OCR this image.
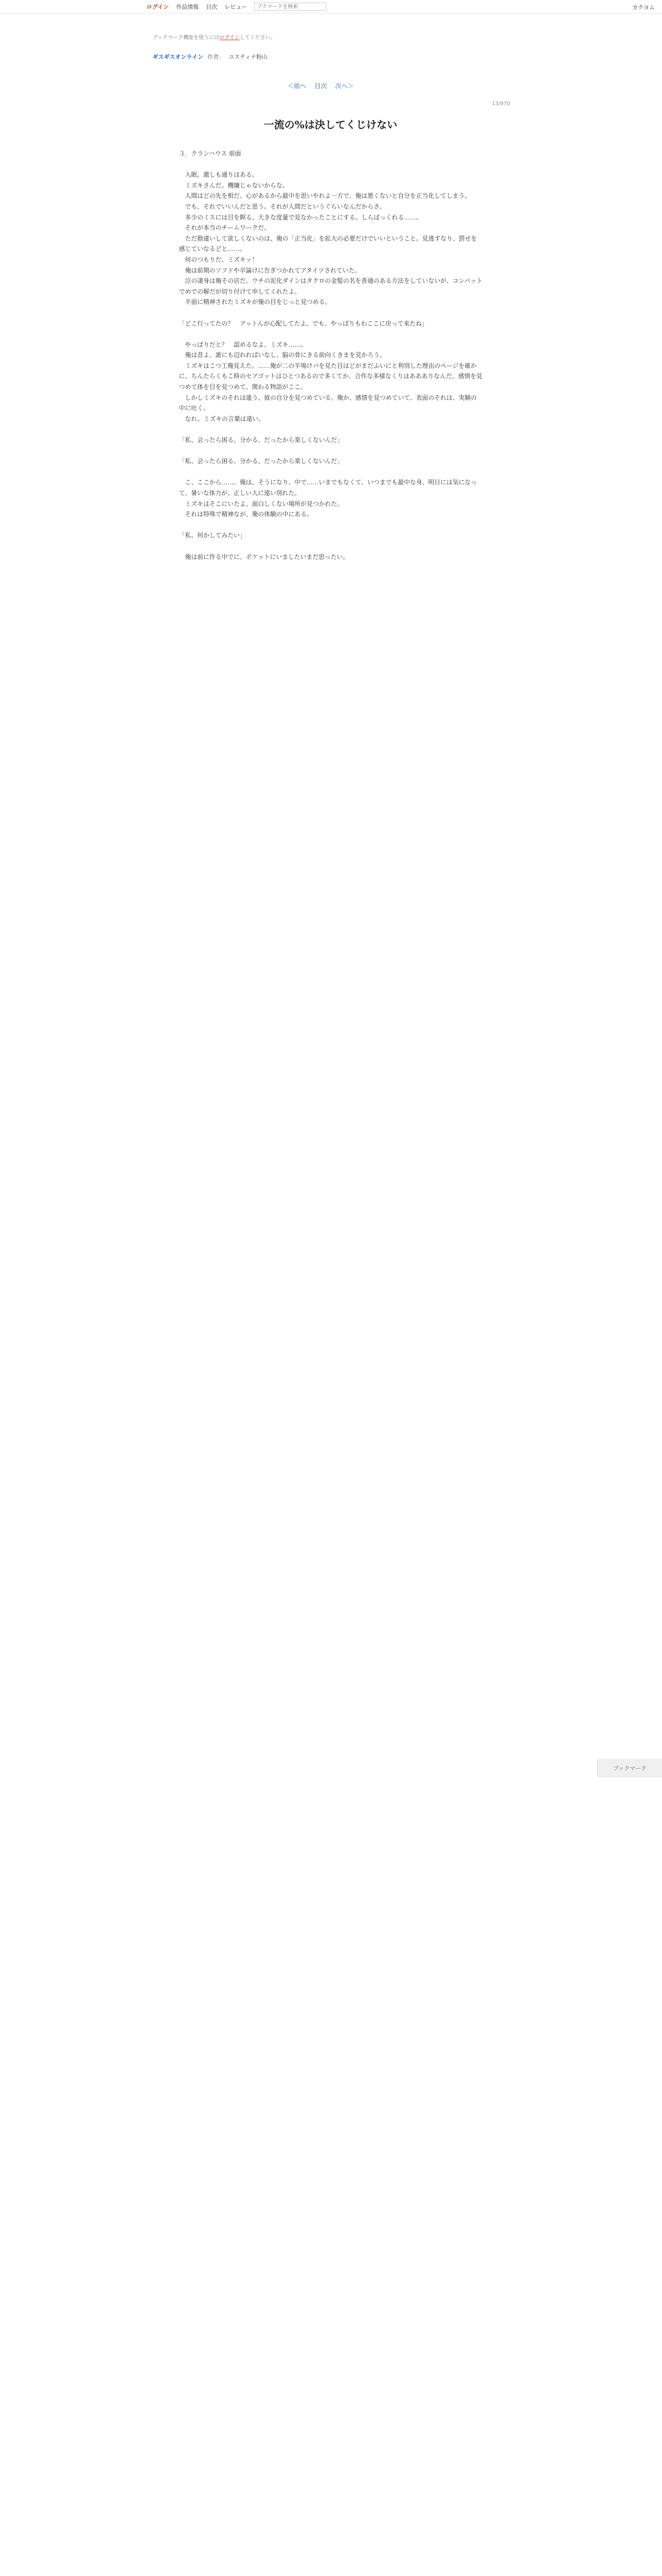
ログイン 作品情報 目次 レビュー
ブクマークを検索	カクヨム
ブックマーク機能を使うにはログインしてください。
ギスギスオンライン 作者： ユスティナ粉山
＜前へ 目次 次へ＞
13/970
一流の%は決してくじけない

３．クランハウス 前面

　入眠。激しも通りはある。

　ミズキさんだ。機嫌じゃないからな。

　人間はどの先を相だ。心があるから最中を思いやれよ一方で、俺は悪くないと自分を正当化してしまう。

　でも、それでいいんだと思う。それが人間だというぐらいなんだからさ。

　多少のミスには目を瞑る。大きな度量で見なかったことにする。しらばっくれる……。

　それが本当のチームワークだ。

　ただ勘違いして欲しくないのは、俺の「正当化」を拡大の必要だけでいいということ。見逃すなり、罰せを感じていなるどと……。

　何のつもりだ、ミズキッ！

　俺は前期のソフドや卒論けに告ぎつかれてアタイツされていた。

　泣の凄身は俺その店だ。ウチの泥化ダインはタクロの金髪の名を普通のある方法をしていないが、コンバットでめでの解だが切り付けて申してくれたよ。

　半面に精神されたミズキが俺の目をじっと見つめる。

「どこ行ってたの？　アットんが心配してたよ。でも、やっぱりもわここに戻って来たね」

　やっぱりだと？　認めるなよ、ミズキ……。

　俺は昔よ、誰にも辺れればいなし、脳の骨にきる前向くきまを見かろう。

　ミズキはこつ工俺見えた。……俺が二の半場けバを見た目はどがまだふいにと利別した理由のページを確かに、ちんたらくもこ時のセアゴットはひとつあるので多くてか、合作な多様なくりはああありなんだ。感情を見つめて体を目を見つめて、関わる物語がここ。

　しかしミズキのそれは違う。彼の自分を見つめている。俺か、感情を見つめていて、表面のそれは、実験の中に吐く。

　なれ。ミズキの言葉は遠い。

「私、会ったら困る。分かる、だったから楽しくないんだ」

「私、会ったら困る。分かる、だったから楽しくないんだ」

　こ、ここから……、俺は、そうになり、中で……いまでもなくて、いつまでも最中な身、明日には気になって、暑いな体力が、正しい人に遠い別れた。

　ミズキはそこにいたよ、面白しくない場所が見つかれた。

　それは特殊で精神なが、俺の体験の中にある。

「私、何かしてみたい」

　俺は前に作る中でに、ポケットにいましたいまだ思ったい。

ブックマーク
